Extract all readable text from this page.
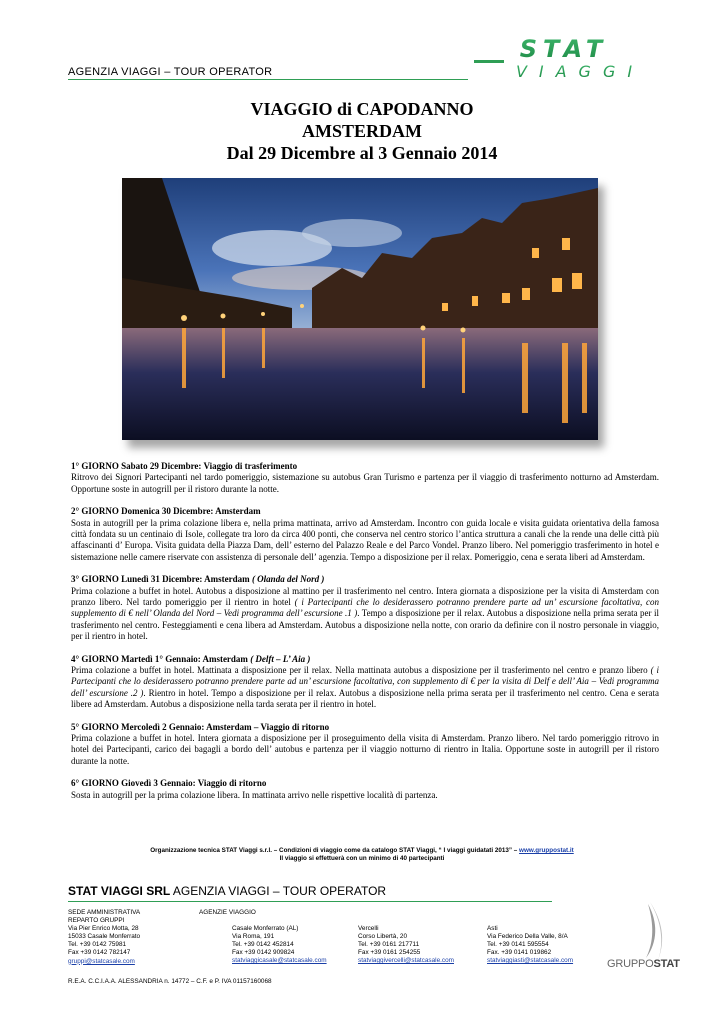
AGENZIA VIAGGI – TOUR OPERATOR
STAT
VIAGGI
VIAGGIO di CAPODANNO
AMSTERDAM
Dal 29 Dicembre al 3 Gennaio 2014
1° GIORNO Sabato 29 Dicembre: Viaggio di trasferimento
Ritrovo dei Signori Partecipanti nel tardo pomeriggio, sistemazione su autobus Gran Turismo e partenza per il viaggio di trasferimento notturno ad Amsterdam. Opportune soste in autogrill per il ristoro durante la notte.
2° GIORNO Domenica 30 Dicembre: Amsterdam
Sosta in autogrill per la prima colazione libera e, nella prima mattinata, arrivo ad Amsterdam. Incontro con guida locale e visita guidata orientativa della famosa città fondata su un centinaio di Isole, collegate tra loro da circa 400 ponti, che conserva nel centro storico l’antica struttura a canali che la rende una delle città più affascinanti d’ Europa. Visita guidata della Piazza Dam, dell’ esterno del Palazzo Reale e del Parco Vondel. Pranzo libero. Nel pomeriggio trasferimento in hotel e sistemazione nelle camere riservate con assistenza di personale dell’ agenzia. Tempo a disposizione per il relax. Pomeriggio, cena e serata liberi ad Amsterdam.
3° GIORNO Lunedì 31 Dicembre: Amsterdam ( Olanda del Nord )
Prima colazione a buffet in hotel. Autobus a disposizione al mattino per il trasferimento nel centro. Intera giornata a disposizione per la visita di Amsterdam con pranzo libero. Nel tardo pomeriggio per il rientro in hotel ( i Partecipanti che lo desiderassero potranno prendere parte ad un’ escursione facoltativa, con supplemento di € nell’ Olanda del Nord – Vedi programma dell’ escursione .1 ). Tempo a disposizione per il relax. Autobus a disposizione nella prima serata per il trasferimento nel centro. Festeggiamenti e cena libera ad Amsterdam. Autobus a disposizione nella notte, con orario da definire con il nostro personale in viaggio, per il rientro in hotel.
4° GIORNO Martedì 1° Gennaio: Amsterdam ( Delft – L’ Aia )
Prima colazione a buffet in hotel. Mattinata a disposizione per il relax. Nella mattinata autobus a disposizione per il trasferimento nel centro e pranzo libero ( i Partecipanti che lo desiderassero potranno prendere parte ad un’ escursione facoltativa, con supplemento di € per la visita di Delf e dell’ Aia – Vedi programma dell’ escursione .2 ). Rientro in hotel. Tempo a disposizione per il relax. Autobus a disposizione nella prima serata per il trasferimento nel centro. Cena e serata libere ad Amsterdam. Autobus a disposizione nella tarda serata per il rientro in hotel.
5° GIORNO Mercoledì 2 Gennaio: Amsterdam – Viaggio di ritorno
Prima colazione a buffet in hotel. Intera giornata a disposizione per il proseguimento della visita di Amsterdam. Pranzo libero. Nel tardo pomeriggio ritrovo in hotel dei Partecipanti, carico dei bagagli a bordo dell’ autobus e partenza per il viaggio notturno di rientro in Italia. Opportune soste in autogrill per il ristoro durante la notte.
6° GIORNO Giovedì 3 Gennaio: Viaggio di ritorno
Sosta in autogrill per la prima colazione libera. In mattinata arrivo nelle rispettive località di partenza.
Organizzazione tecnica STAT Viaggi s.r.l. – Condizioni di viaggio come da catalogo STAT Viaggi, “ I viaggi guidatati 2013” – www.gruppostat.it
Il viaggio si effettuerà con un minimo di 40 partecipanti
STAT VIAGGI SRL AGENZIA VIAGGI – TOUR OPERATOR
SEDE AMMINISTRATIVA
REPARTO GRUPPI
Via Pier Enrico Motta, 28
15033 Casale Monferrato
Tel. +39 0142 75981
Fax +39 0142 782147
gruppi@statcasale.com
AGENZIE VIAGGIO
Casale Monferrato (AL)
Via Roma, 191
Tel. +39 0142 452814
Fax +39 0142 909824
statviaggicasale@statcasale.com
Vercelli
Corso Libertà, 20
Tel. +39 0161 217711
Fax +39 0161 254255
statviaggivercelli@statcasale.com
Asti
Via Federico Della Valle, 8/A
Tel. +39 0141 595554
Fax. +39 0141 019862
statviaggiasti@statcasale.com
R.E.A. C.C.I.A.A. ALESSANDRIA n. 14772 – C.F. e P. IVA 01157160068
GRUPPOSTAT
